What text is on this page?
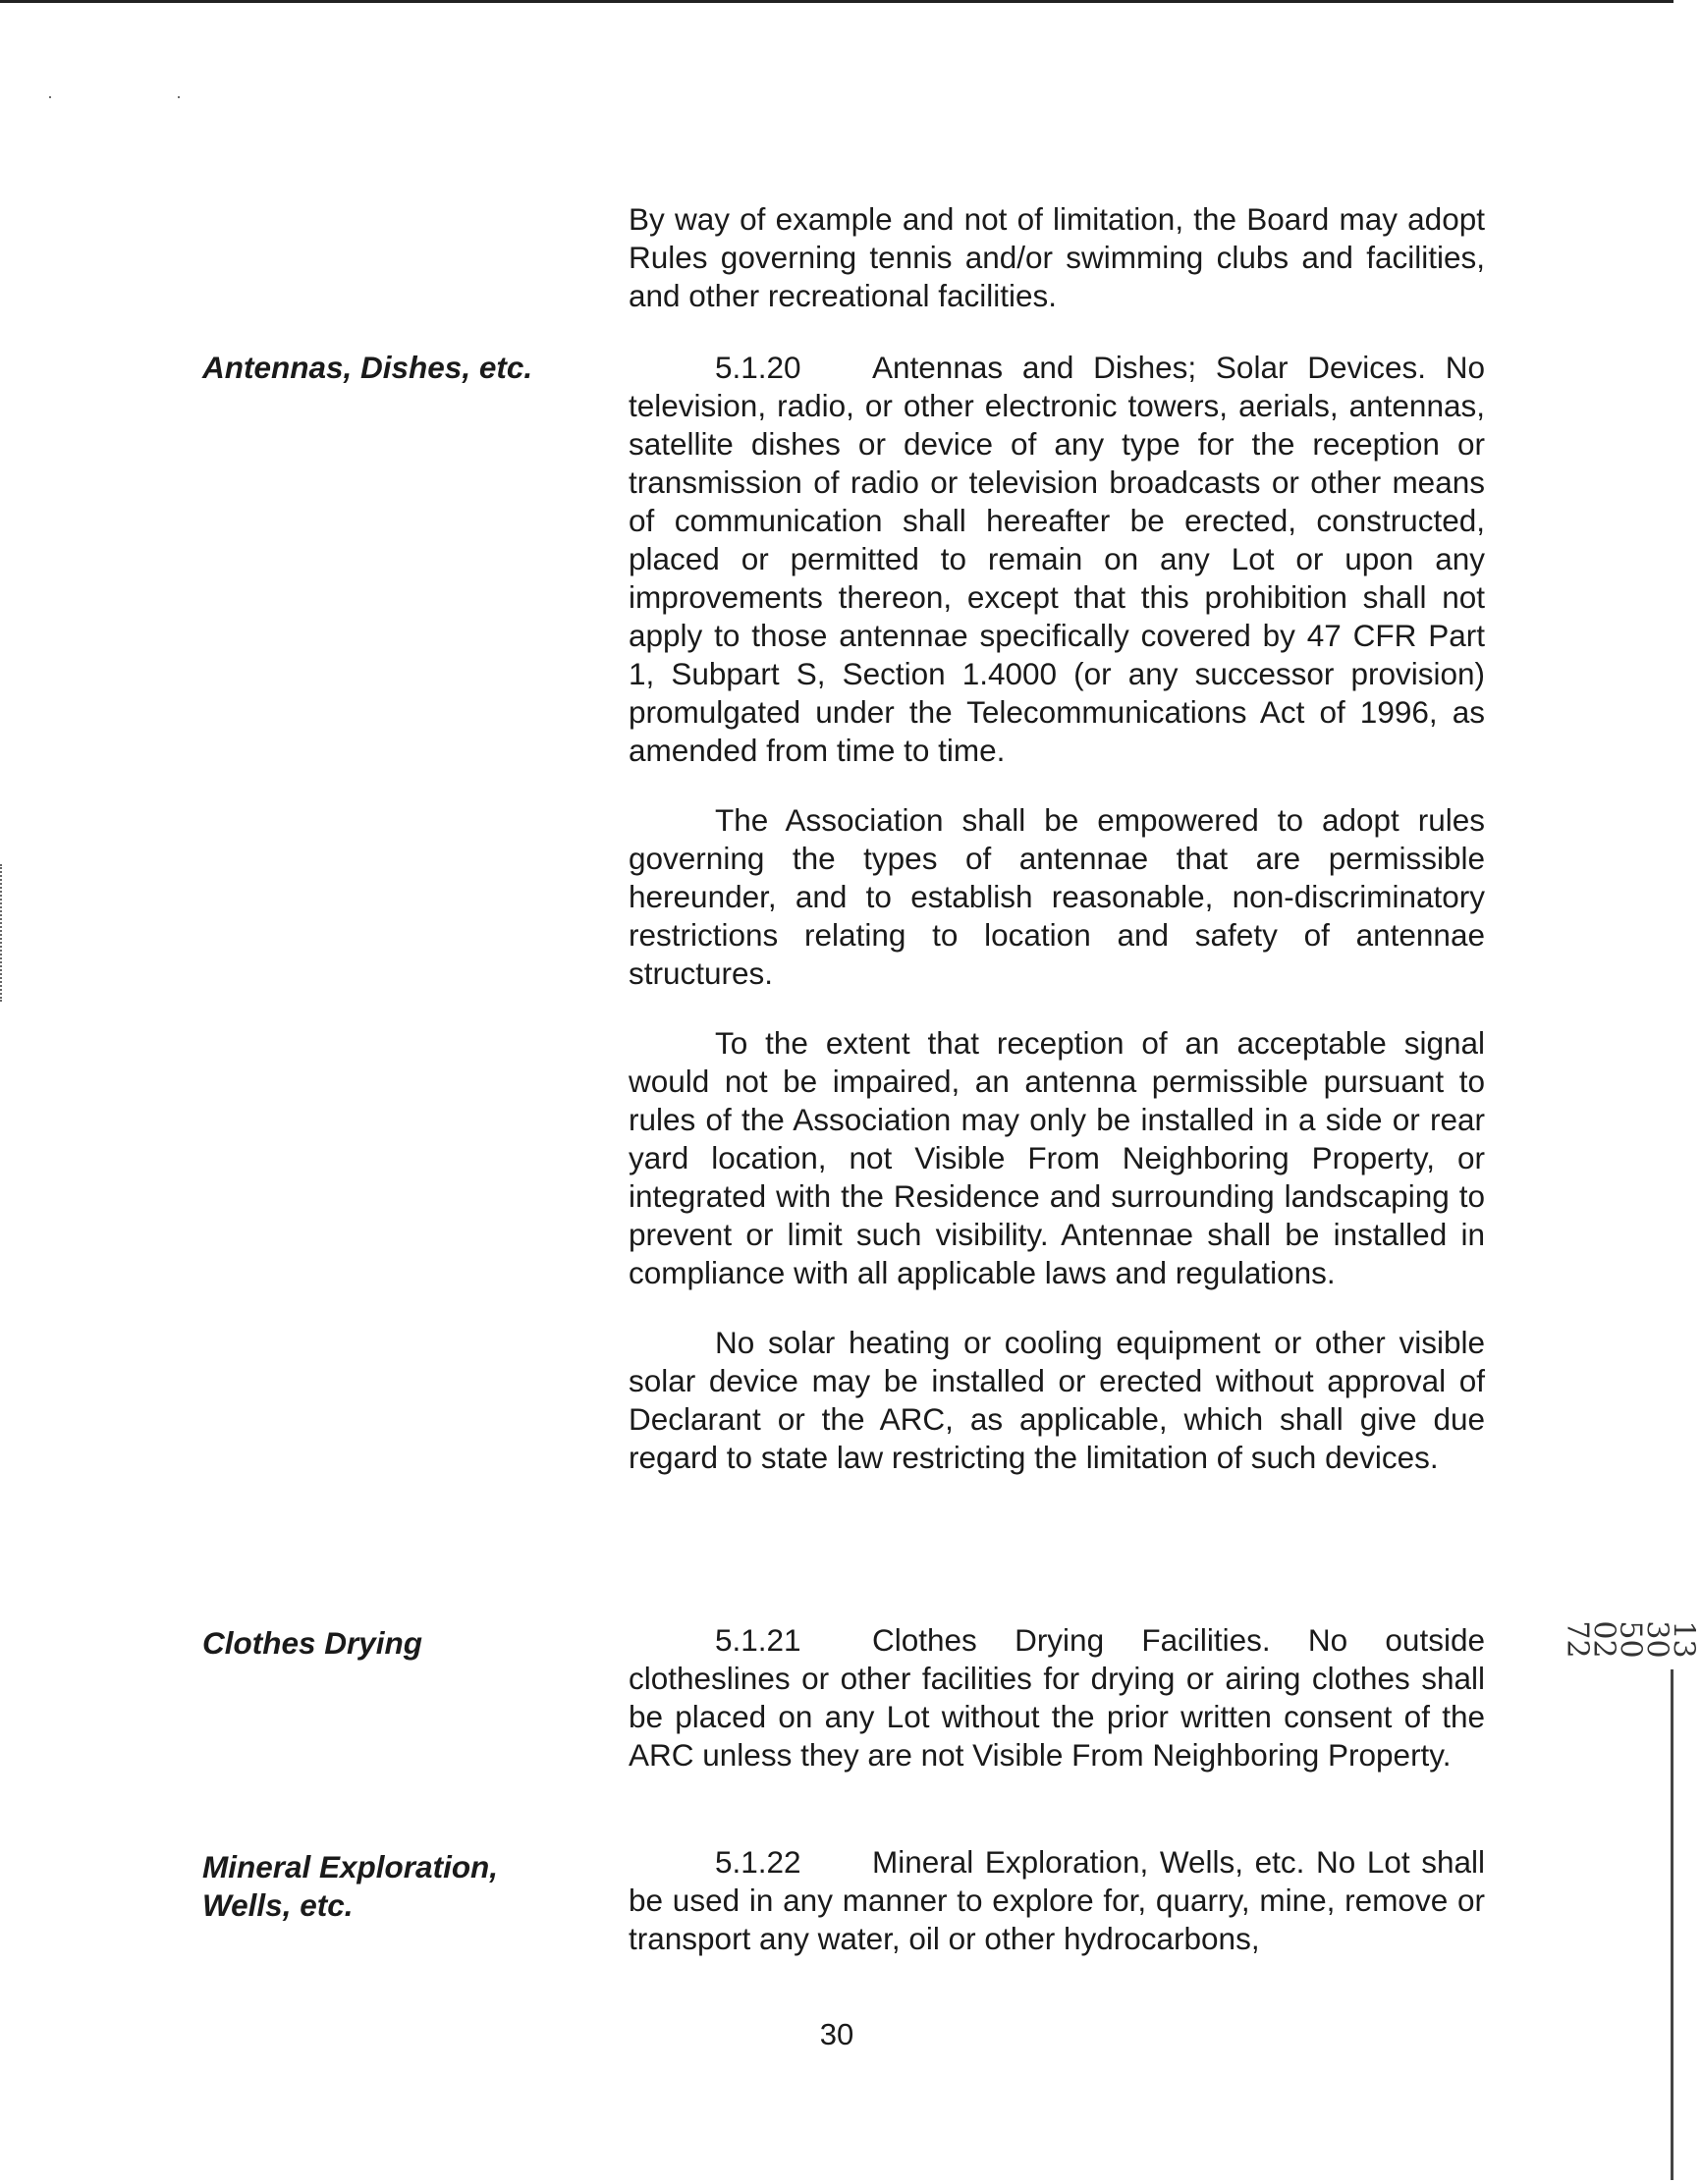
· ·

By way of example and not of limitation, the Board may adopt Rules governing tennis and/or swimming clubs and facilities, and other recreational facilities.

Antennas, Dishes, etc.	5.1.20 Antennas and Dishes; Solar Devices. No television, radio, or other electronic towers, aerials, antennas, satellite dishes or device of any type for the reception or transmission of radio or television broadcasts or other means of communication shall hereafter be erected, constructed, placed or permitted to remain on any Lot or upon any improvements thereon, except that this prohibition shall not apply to those antennae specifically covered by 47 CFR Part 1, Subpart S, Section 1.4000 (or any successor provision) promulgated under the Telecommunications Act of 1996, as amended from time to time.

The Association shall be empowered to adopt rules governing the types of antennae that are permissible hereunder, and to establish reasonable, non-discriminatory restrictions relating to location and safety of antennae structures.

To the extent that reception of an acceptable signal would not be impaired, an antenna permissible pursuant to rules of the Association may only be installed in a side or rear yard location, not Visible From Neighboring Property, or integrated with the Residence and surrounding landscaping to prevent or limit such visibility. Antennae shall be installed in compliance with all applicable laws and regulations.

No solar heating or cooling equipment or other visible solar device may be installed or erected without approval of Declarant or the ARC, as applicable, which shall give due regard to state law restricting the limitation of such devices.

Clothes Drying	5.1.21 Clothes Drying Facilities. No outside clotheslines or other facilities for drying or airing clothes shall be placed on any Lot without the prior written consent of the ARC unless they are not Visible From Neighboring Property.

Mineral Exploration,
Wells, etc.

5.1.22 Mineral Exploration, Wells, etc. No Lot shall be used in any manner to explore for, quarry, mine, remove or transport any water, oil or other hydrocarbons,

30
1330500272
